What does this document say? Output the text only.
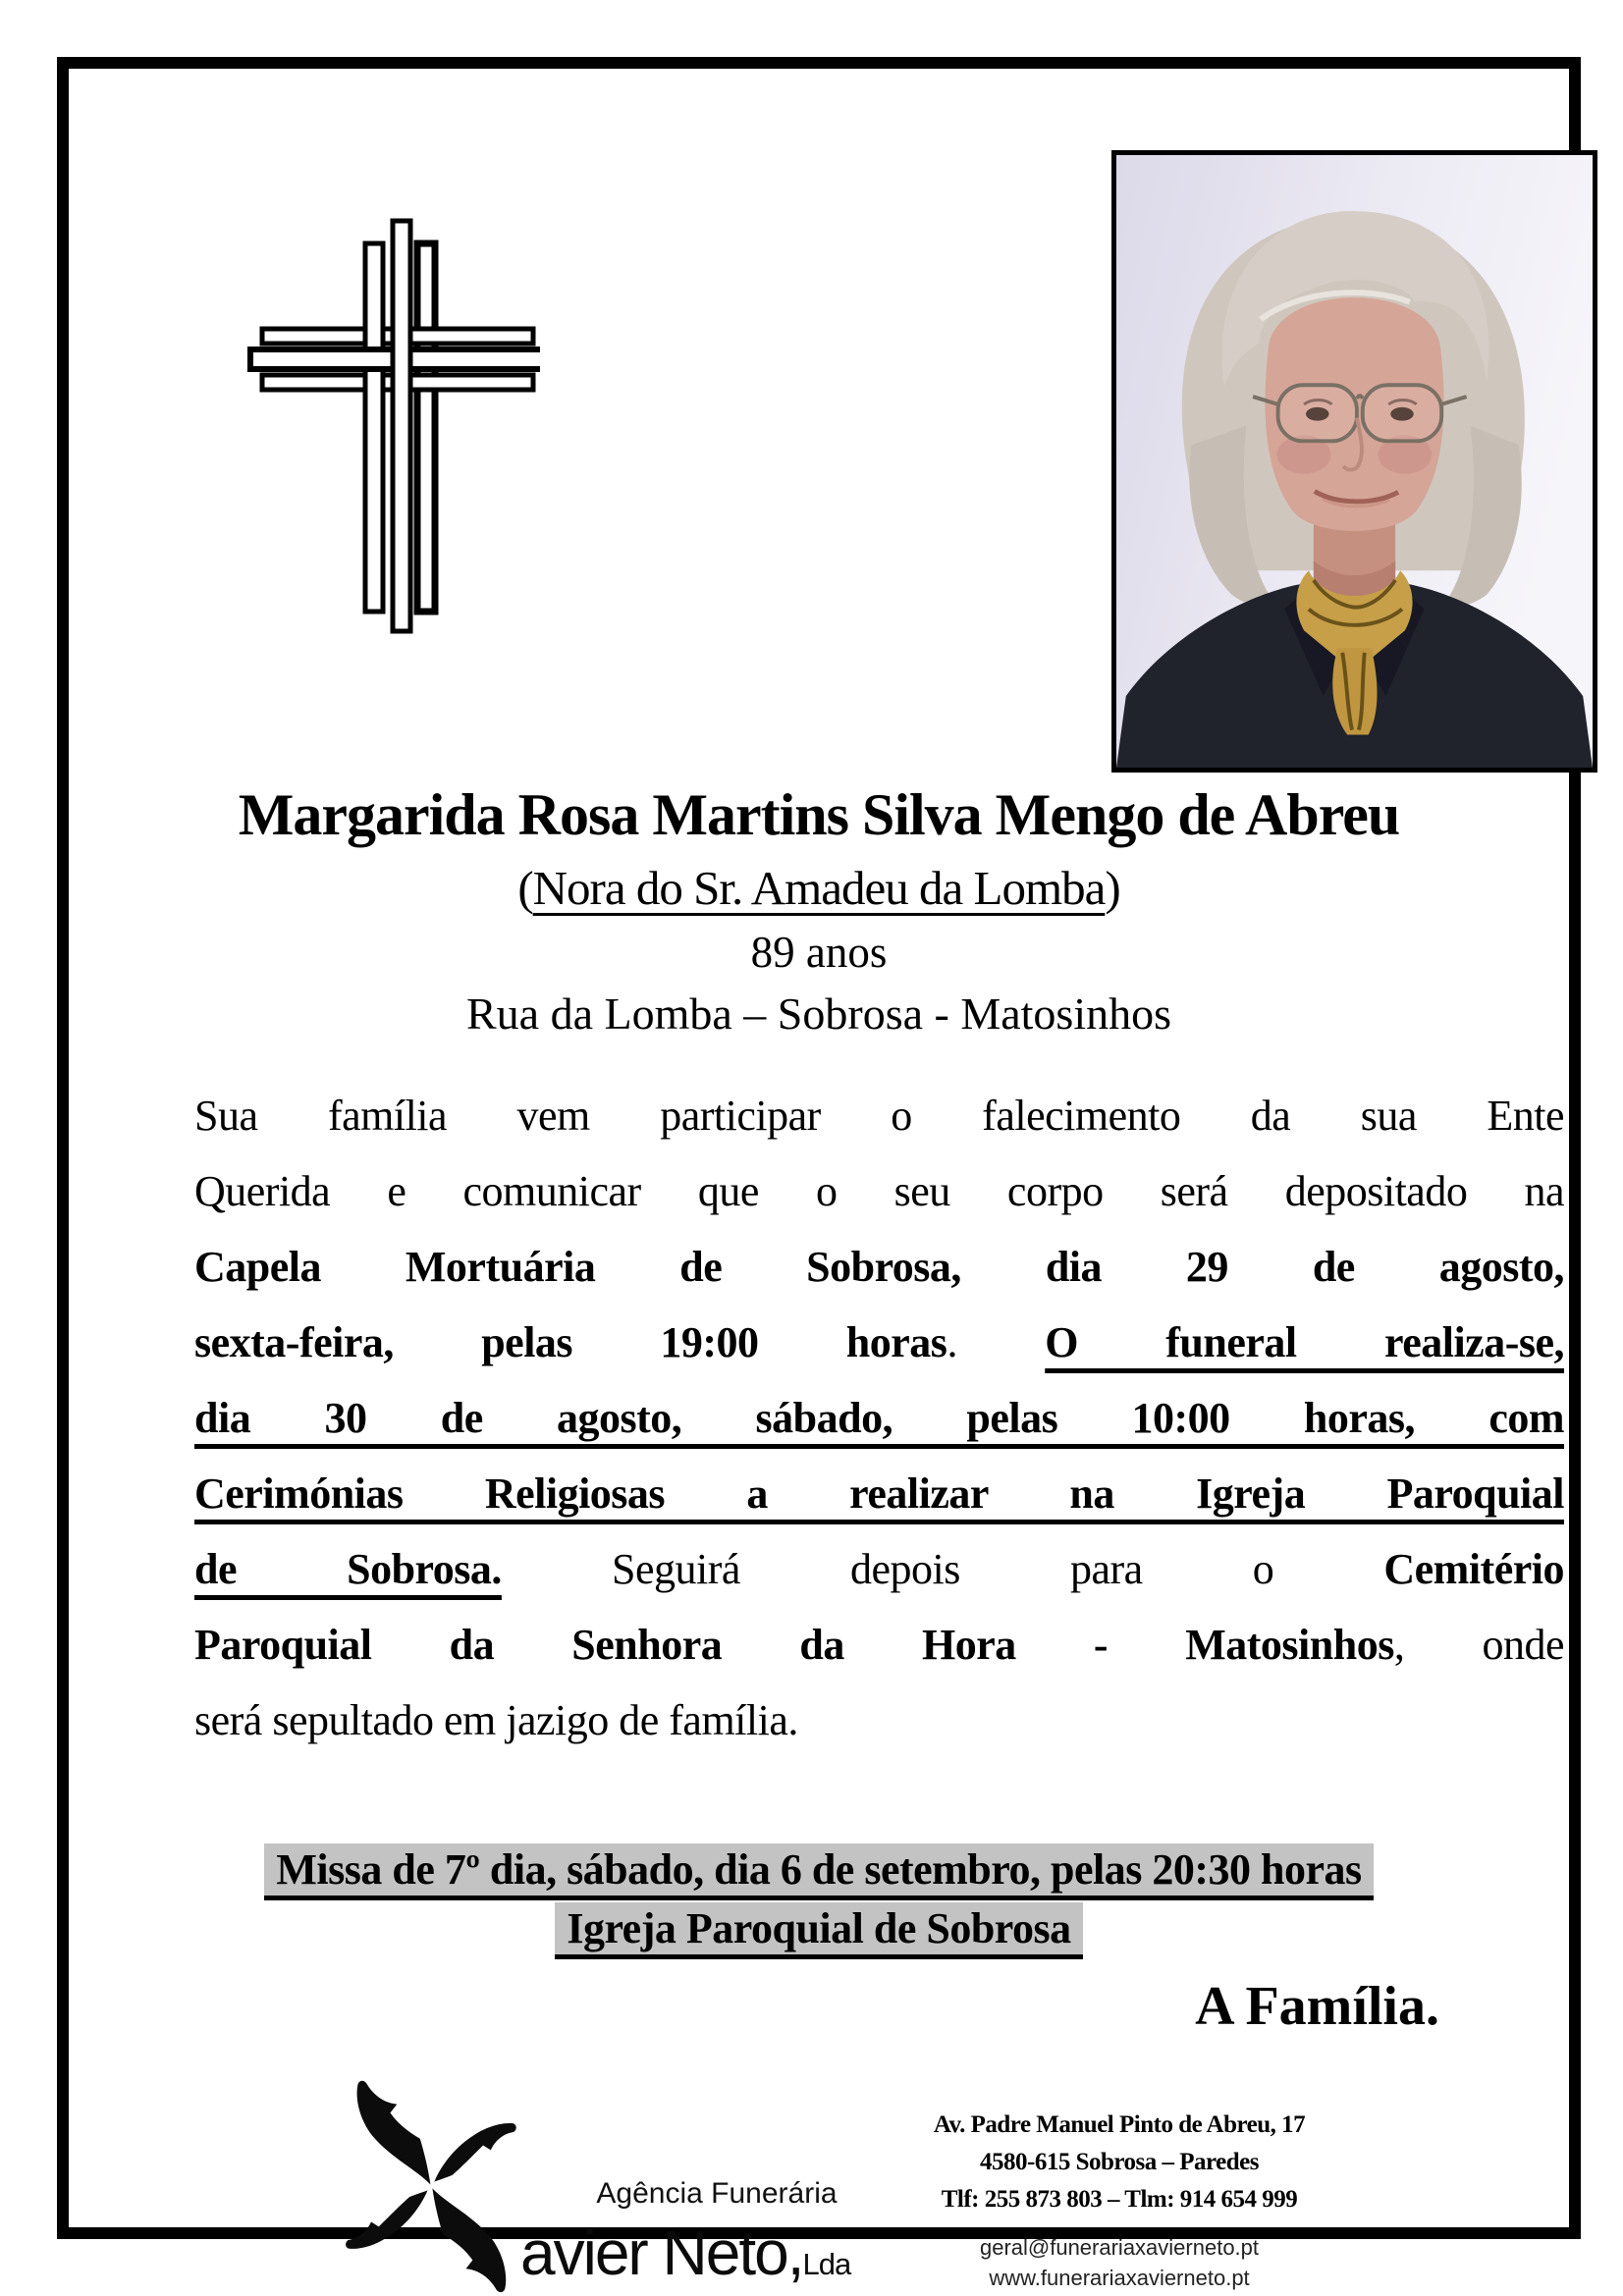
Margarida Rosa Martins Silva Mengo de Abreu
(Nora do Sr. Amadeu da Lomba)
89 anos
Rua da Lomba – Sobrosa - Matosinhos
Sua família vem participar o falecimento da sua Ente
Querida e comunicar que o seu corpo será depositado na
Capela Mortuária de Sobrosa, dia 29 de agosto,
sexta-feira, pelas 19:00 horas. O funeral realiza-se,
dia 30 de agosto, sábado, pelas 10:00 horas, com
Cerimónias Religiosas a realizar na Igreja Paroquial
de Sobrosa. Seguirá depois para o Cemitério
Paroquial da Senhora da Hora - Matosinhos, onde
será sepultado em jazigo de família.
Missa de 7º dia, sábado, dia 6 de setembro, pelas 20:30 horas
Igreja Paroquial de Sobrosa
A Família.
Agência Funerária
avier Neto,Lda
Av. Padre Manuel Pinto de Abreu, 17
4580-615 Sobrosa – Paredes
Tlf: 255 873 803 – Tlm: 914 654 999
geral@funerariaxavierneto.pt
www.funerariaxavierneto.pt
